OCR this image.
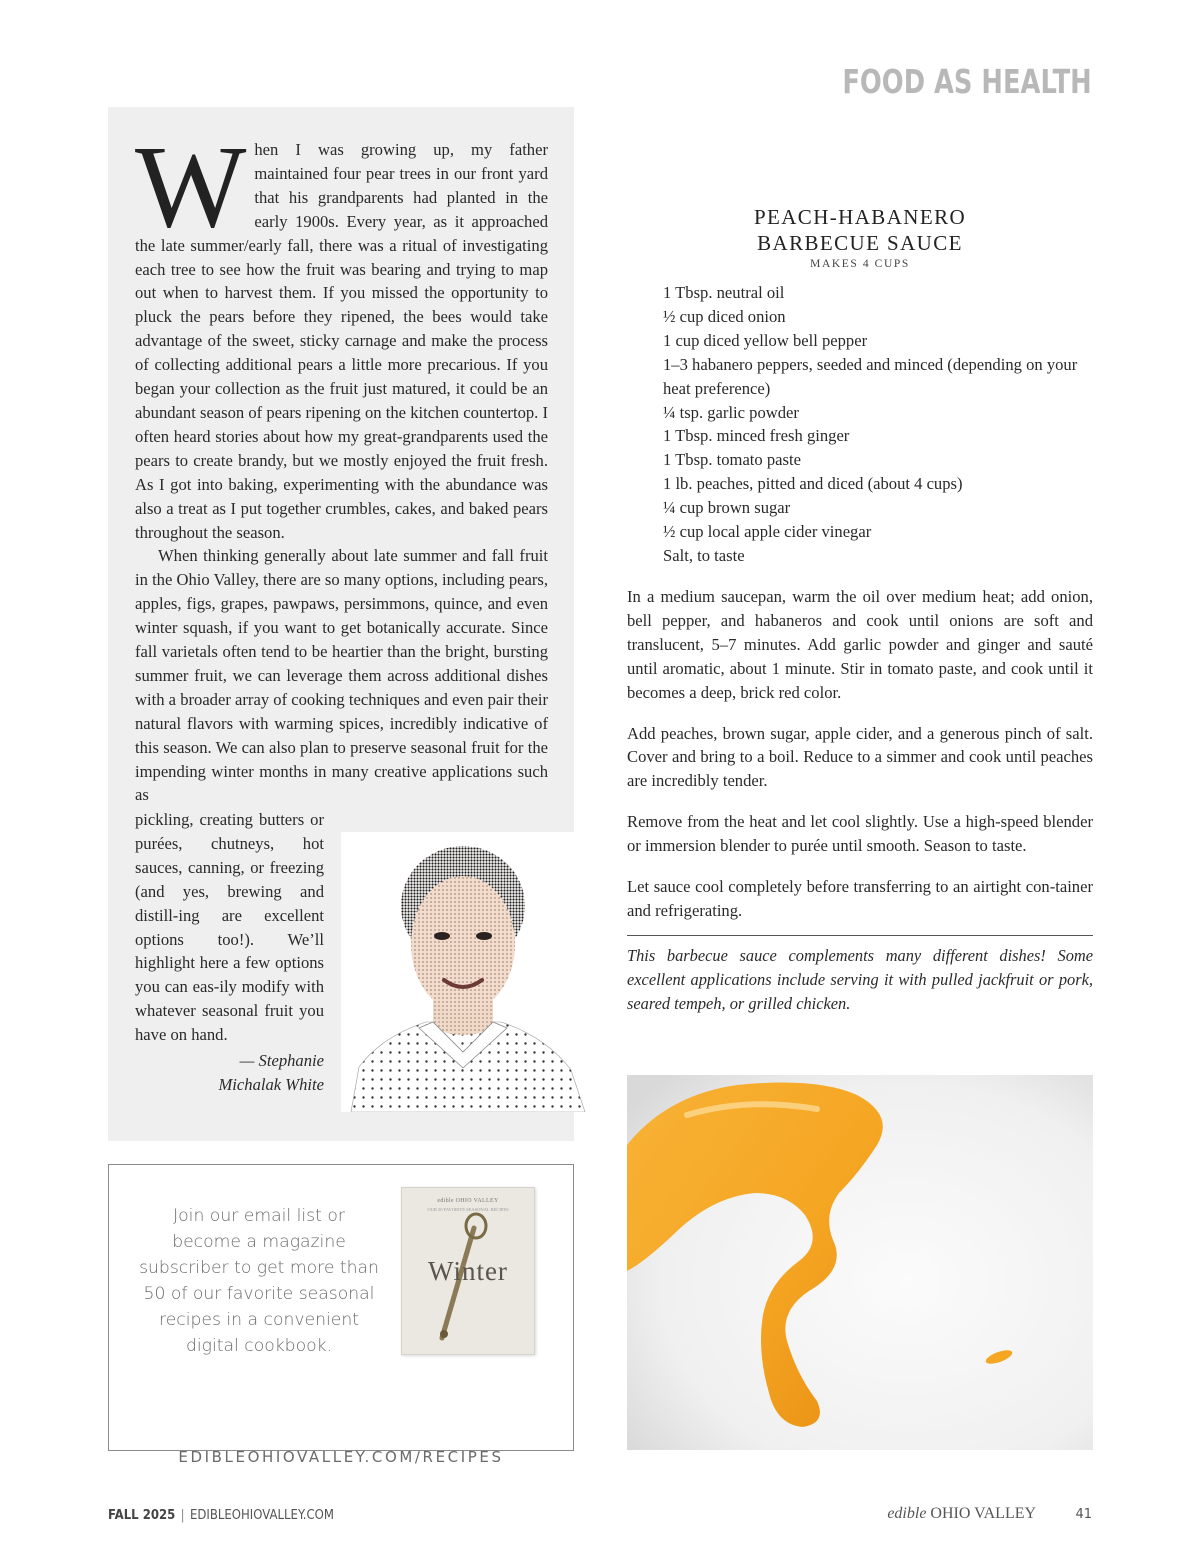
FOOD AS HEALTH
W hen I was growing up, my father maintained four pear trees in our front yard that his grandparents had planted in the early 1900s. Every year, as it approached the late summer/early fall, there was a ritual of investigating each tree to see how the fruit was bearing and trying to map out when to harvest them. If you missed the opportunity to pluck the pears before they ripened, the bees would take advantage of the sweet, sticky carnage and make the process of collecting additional pears a little more precarious. If you began your collection as the fruit just matured, it could be an abundant season of pears ripening on the kitchen countertop. I often heard stories about how my great-grandparents used the pears to create brandy, but we mostly enjoyed the fruit fresh. As I got into baking, experimenting with the abundance was also a treat as I put together crumbles, cakes, and baked pears throughout the season.

When thinking generally about late summer and fall fruit in the Ohio Valley, there are so many options, including pears, apples, figs, grapes, pawpaws, persimmons, quince, and even winter squash, if you want to get botanically accurate. Since fall varietals often tend to be heartier than the bright, bursting summer fruit, we can leverage them across additional dishes with a broader array of cooking techniques and even pair their natural flavors with warming spices, incredibly indicative of this season. We can also plan to preserve seasonal fruit for the impending winter months in many creative applications such as

pickling, creating butters or purées, chutneys, hot sauces, canning, or freezing (and yes, brewing and distill-ing are excellent options too!). We’ll highlight here a few options you can eas-ily modify with whatever seasonal fruit you have on hand.

— Stephanie
Michalak White
Join our email list or become a magazine subscriber to get more than 50 of our favorite seasonal recipes in a convenient digital cookbook.
edible OHIO VALLEY
OUR 50 FAVORITE SEASONAL RECIPES
Winter
EDIBLEOHIOVALLEY.COM/RECIPES
PEACH-HABANERO
BARBECUE SAUCE
MAKES 4 CUPS
1 Tbsp. neutral oil
½ cup diced onion
1 cup diced yellow bell pepper
1–3 habanero peppers, seeded and minced (depending on your heat preference)
¼ tsp. garlic powder
1 Tbsp. minced fresh ginger
1 Tbsp. tomato paste
1 lb. peaches, pitted and diced (about 4 cups)
¼ cup brown sugar
½ cup local apple cider vinegar
Salt, to taste

In a medium saucepan, warm the oil over medium heat; add onion, bell pepper, and habaneros and cook until onions are soft and translucent, 5–7 minutes. Add garlic powder and ginger and sauté until aromatic, about 1 minute. Stir in tomato paste, and cook until it becomes a deep, brick red color.

Add peaches, brown sugar, apple cider, and a generous pinch of salt. Cover and bring to a boil. Reduce to a simmer and cook until peaches are incredibly tender.

Remove from the heat and let cool slightly. Use a high-speed blender or immersion blender to purée until smooth. Season to taste.

Let sauce cool completely before transferring to an airtight con-tainer and refrigerating.

This barbecue sauce complements many different dishes! Some excellent applications include serving it with pulled jackfruit or pork, seared tempeh, or grilled chicken.
FALL 2025 | EDIBLEOHIOVALLEY.COM	edible OHIO VALLEY	41
